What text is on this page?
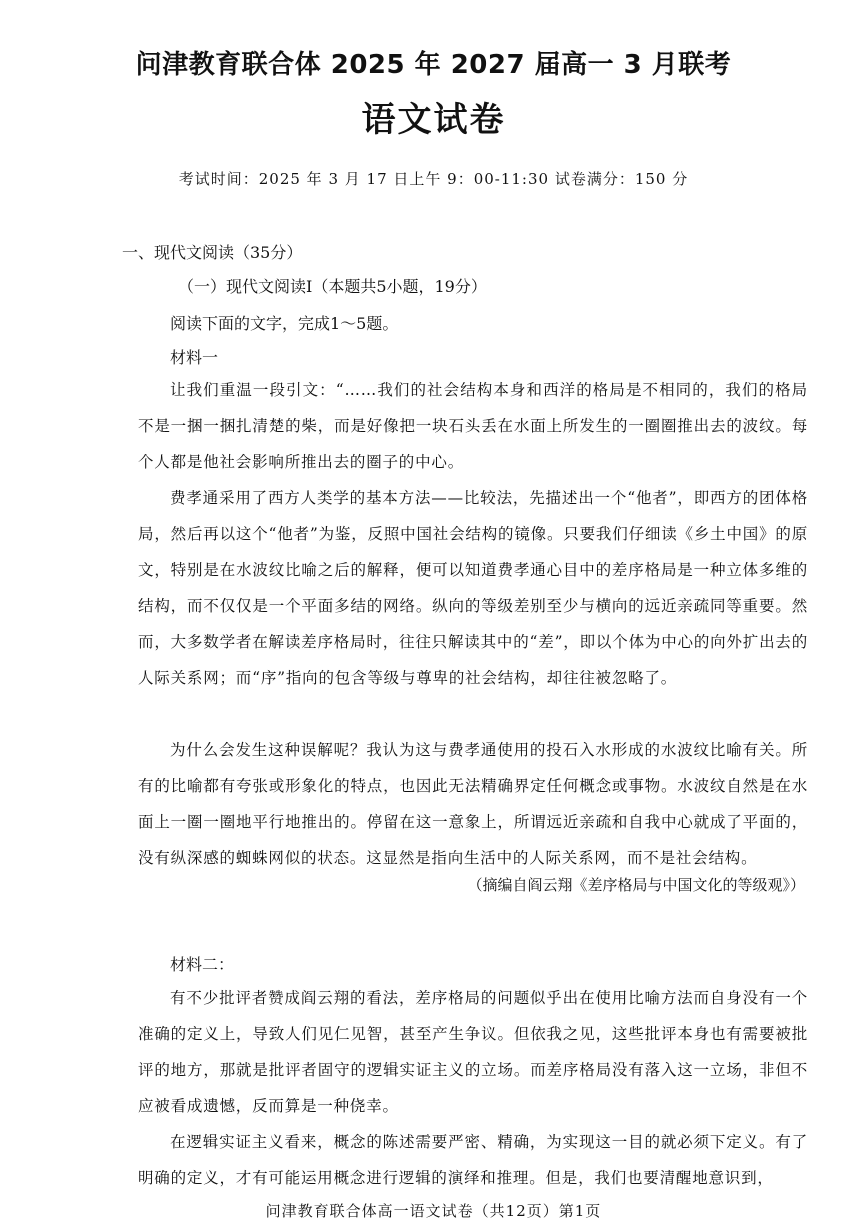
问津教育联合体 2025 年 2027 届高一 3 月联考
语文试卷
考试时间：2025 年 3 月 17 日上午 9：00-11:30 试卷满分：150 分
一、现代文阅读（35分）
（一）现代文阅读Ⅰ（本题共5小题，19分）
阅读下面的文字，完成1～5题。
材料一
让我们重温一段引文：“……我们的社会结构本身和西洋的格局是不相同的，我们的格局不是一捆一捆扎清楚的柴，而是好像把一块石头丢在水面上所发生的一圈圈推出去的波纹。每个人都是他社会影响所推出去的圈子的中心。
费孝通采用了西方人类学的基本方法——比较法，先描述出一个“他者”，即西方的团体格局，然后再以这个“他者”为鉴，反照中国社会结构的镜像。只要我们仔细读《乡土中国》的原文，特别是在水波纹比喻之后的解释，便可以知道费孝通心目中的差序格局是一种立体多维的结构，而不仅仅是一个平面多结的网络。纵向的等级差别至少与横向的远近亲疏同等重要。然而，大多数学者在解读差序格局时，往往只解读其中的“差”，即以个体为中心的向外扩出去的人际关系网；而“序”指向的包含等级与尊卑的社会结构，却往往被忽略了。
为什么会发生这种误解呢？我认为这与费孝通使用的投石入水形成的水波纹比喻有关。所有的比喻都有夸张或形象化的特点，也因此无法精确界定任何概念或事物。水波纹自然是在水面上一圈一圈地平行地推出的。停留在这一意象上，所谓远近亲疏和自我中心就成了平面的，没有纵深感的蜘蛛网似的状态。这显然是指向生活中的人际关系网，而不是社会结构。
（摘编自阎云翔《差序格局与中国文化的等级观》）
材料二：
有不少批评者赞成阎云翔的看法，差序格局的问题似乎出在使用比喻方法而自身没有一个准确的定义上，导致人们见仁见智，甚至产生争议。但依我之见，这些批评本身也有需要被批评的地方，那就是批评者固守的逻辑实证主义的立场。而差序格局没有落入这一立场，非但不应被看成遗憾，反而算是一种侥幸。
在逻辑实证主义看来，概念的陈述需要严密、精确，为实现这一目的就必须下定义。有了明确的定义，才有可能运用概念进行逻辑的演绎和推理。但是，我们也要清醒地意识到，
问津教育联合体高一语文试卷（共12页）第1页
